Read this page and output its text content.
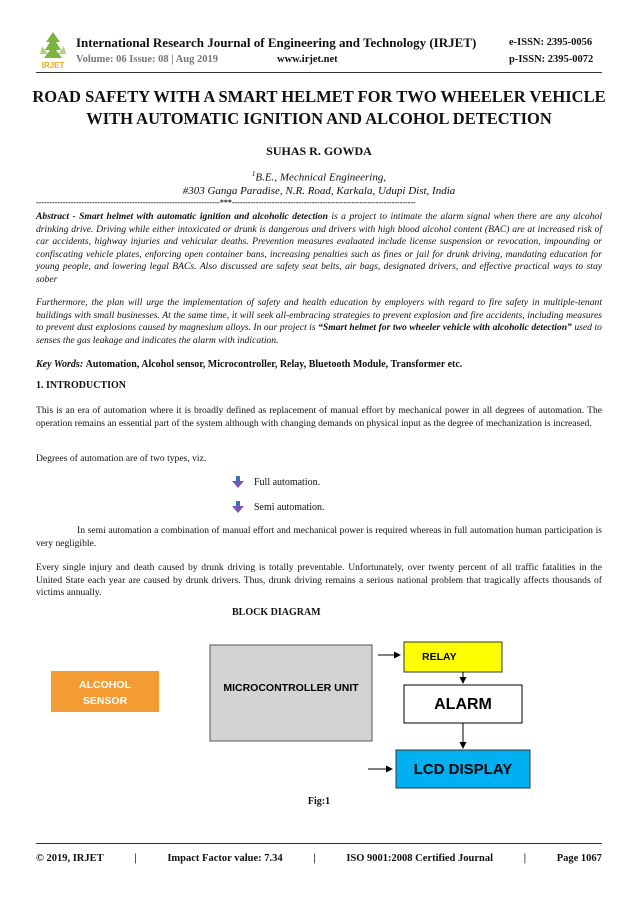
IRJET
International Research Journal of Engineering and Technology (IRJET)	e-ISSN: 2395-0056
Volume: 06 Issue: 08 | Aug 2019	www.irjet.net	p-ISSN: 2395-0072
ROAD SAFETY WITH A SMART HELMET FOR TWO WHEELER VEHICLE WITH AUTOMATIC IGNITION AND ALCOHOL DETECTION
SUHAS R. GOWDA
$^1$B.E., Mechnical Engineering,
#303 Ganga Paradise, N.R. Road, Karkala, Udupi Dist, India
---------------------------------------------------------------------***---------------------------------------------------------------------
Abstract - Smart helmet with automatic ignition and alcoholic detection is a project to intimate the alarm signal when there are any alcohol drinking drive. Driving while either intoxicated or drunk is dangerous and drivers with high blood alcohol content (BAC) are at increased risk of car accidents, highway injuries and vehicular deaths. Prevention measures evaluated include license suspension or revocation, impounding or confiscating vehicle plates, enforcing open container bans, increasing penalties such as fines or jail for drunk driving, mandating education for young people, and lowering legal BACs. Also discussed are safety seat belts, air bags, designated drivers, and effective practical ways to stay sober
Furthermore, the plan will urge the implementation of safety and health education by employers with regard to fire safety in multiple-tenant buildings with small businesses. At the same time, it will seek all-embracing strategies to prevent explosion and fire accidents, including measures to prevent dust explosions caused by magnesium alloys. In our project is “Smart helmet for two wheeler vehicle with alcoholic detection” used to senses the gas leakage and indicates the alarm with indication.
Key Words: Automation, Alcohol sensor, Microcontroller, Relay, Bluetooth Module, Transformer etc.
1. INTRODUCTION
This is an era of automation where it is broadly defined as replacement of manual effort by mechanical power in all degrees of automation. The operation remains an essential part of the system although with changing demands on physical input as the degree of mechanization is increased.
Degrees of automation are of two types, viz.
Full automation.
Semi automation.
In semi automation a combination of manual effort and mechanical power is required whereas in full automation human participation is very negligible.
Every single injury and death caused by drunk driving is totally preventable. Unfortunately, over twenty percent of all traffic fatalities in the United State each year are caused by drunk drivers. Thus, drunk driving remains a serious national problem that tragically affects thousands of victims annually.
BLOCK DIAGRAM
ALCOHOL
SENSOR
MICROCONTROLLER UNIT
RELAY
ALARM
LCD DISPLAY
Fig:1
© 2019, IRJET	|	Impact Factor value: 7.34	|	ISO 9001:2008 Certified Journal	|	Page 1067
